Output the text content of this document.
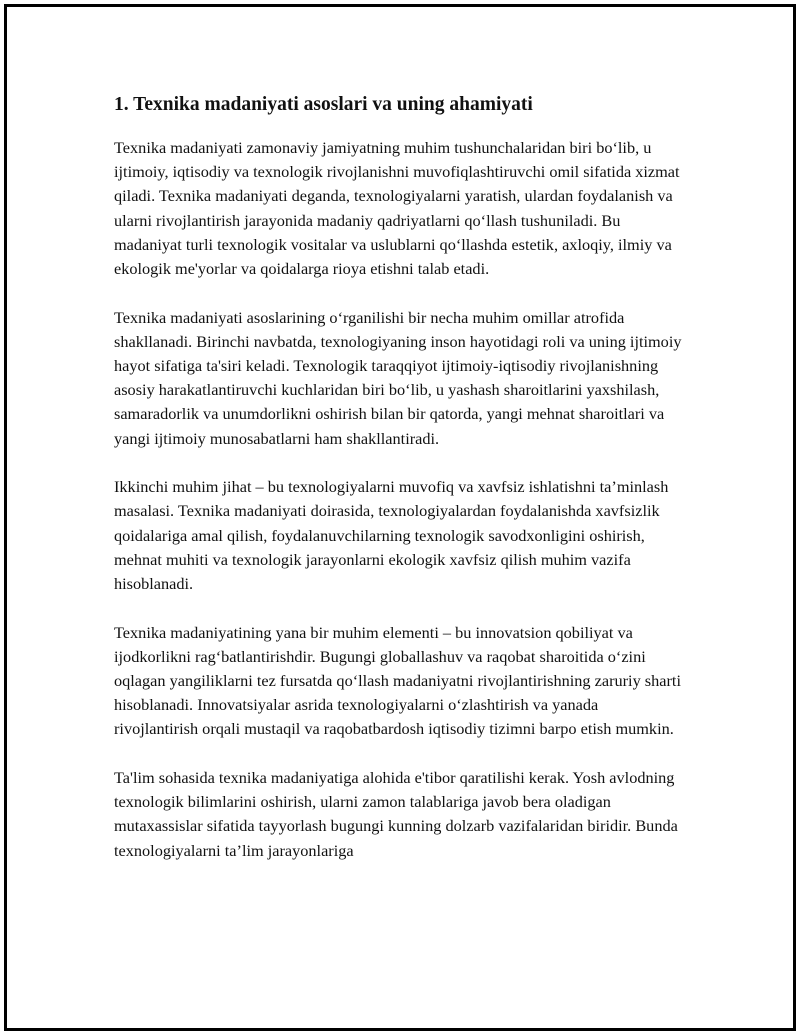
1. Texnika madaniyati asoslari va uning ahamiyati

Texnika madaniyati zamonaviy jamiyatning muhim tushunchalaridan biri bo‘lib, u ijtimoiy, iqtisodiy va texnologik rivojlanishni muvofiqlashtiruvchi omil sifatida xizmat qiladi. Texnika madaniyati deganda, texnologiyalarni yaratish, ulardan foydalanish va ularni rivojlantirish jarayonida madaniy qadriyatlarni qo‘llash tushuniladi. Bu madaniyat turli texnologik vositalar va uslublarni qo‘llashda estetik, axloqiy, ilmiy va ekologik me'yorlar va qoidalarga rioya etishni talab etadi.

Texnika madaniyati asoslarining o‘rganilishi bir necha muhim omillar atrofida shakllanadi. Birinchi navbatda, texnologiyaning inson hayotidagi roli va uning ijtimoiy hayot sifatiga ta'siri keladi. Texnologik taraqqiyot ijtimoiy-iqtisodiy rivojlanishning asosiy harakatlantiruvchi kuchlaridan biri bo‘lib, u yashash sharoitlarini yaxshilash, samaradorlik va unumdorlikni oshirish bilan bir qatorda, yangi mehnat sharoitlari va yangi ijtimoiy munosabatlarni ham shakllantiradi.

Ikkinchi muhim jihat – bu texnologiyalarni muvofiq va xavfsiz ishlatishni ta’minlash masalasi. Texnika madaniyati doirasida, texnologiyalardan foydalanishda xavfsizlik qoidalariga amal qilish, foydalanuvchilarning texnologik savodxonligini oshirish, mehnat muhiti va texnologik jarayonlarni ekologik xavfsiz qilish muhim vazifa hisoblanadi.

Texnika madaniyatining yana bir muhim elementi – bu innovatsion qobiliyat va ijodkorlikni rag‘batlantirishdir. Bugungi globallashuv va raqobat sharoitida o‘zini oqlagan yangiliklarni tez fursatda qo‘llash madaniyatni rivojlantirishning zaruriy sharti hisoblanadi. Innovatsiyalar asrida texnologiyalarni o‘zlashtirish va yanada rivojlantirish orqali mustaqil va raqobatbardosh iqtisodiy tizimni barpo etish mumkin.

Ta'lim sohasida texnika madaniyatiga alohida e'tibor qaratilishi kerak. Yosh avlodning texnologik bilimlarini oshirish, ularni zamon talablariga javob bera oladigan mutaxassislar sifatida tayyorlash bugungi kunning dolzarb vazifalaridan biridir. Bunda texnologiyalarni ta’lim jarayonlariga
